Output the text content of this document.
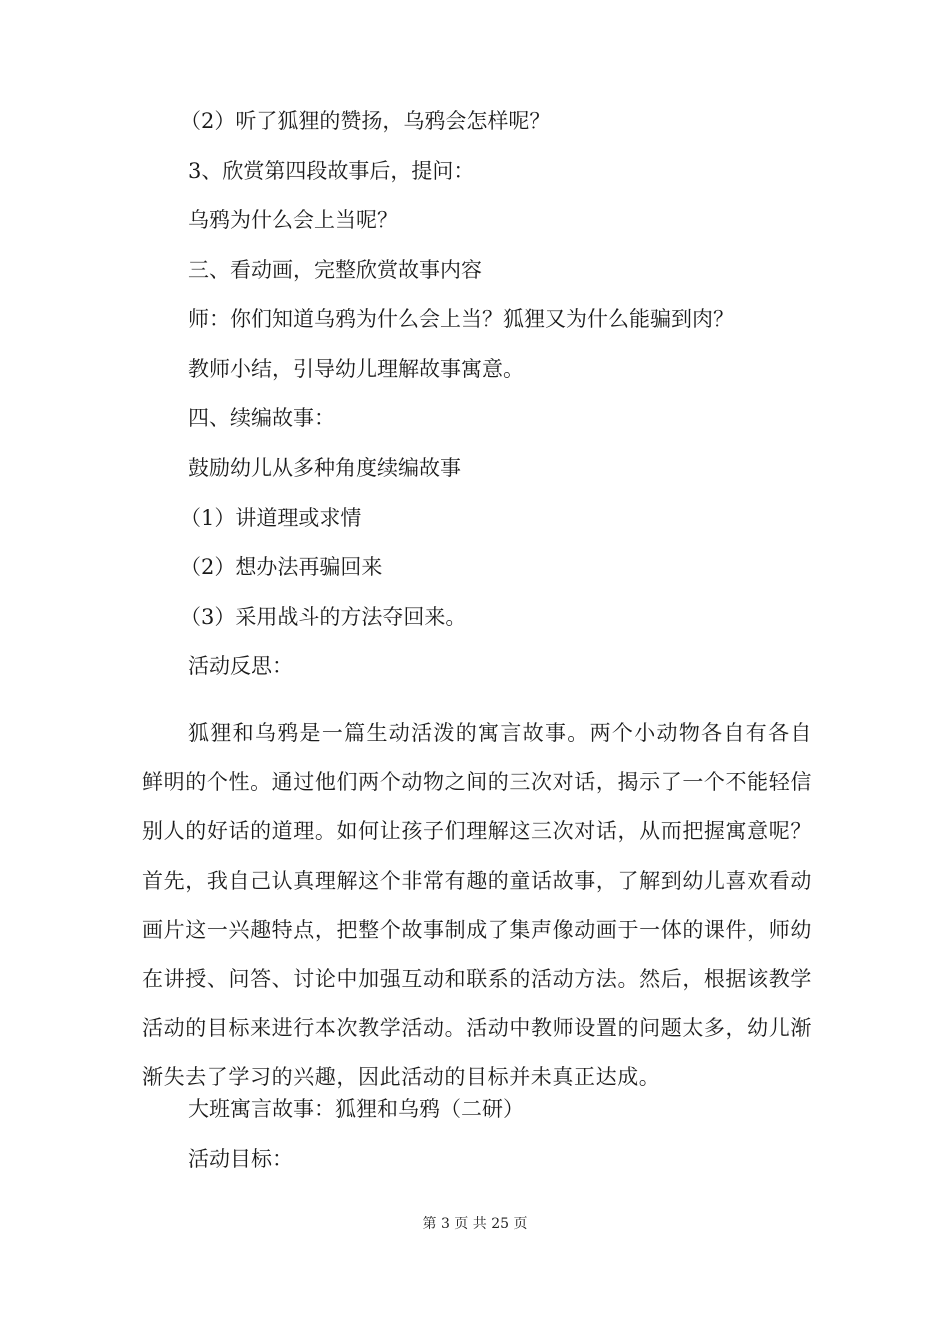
（2）听了狐狸的赞扬，乌鸦会怎样呢？
3、欣赏第四段故事后，提问：
乌鸦为什么会上当呢？
三、看动画，完整欣赏故事内容
师：你们知道乌鸦为什么会上当？狐狸又为什么能骗到肉？
教师小结，引导幼儿理解故事寓意。
四、续编故事：
鼓励幼儿从多种角度续编故事
（1）讲道理或求情
（2）想办法再骗回来
（3）采用战斗的方法夺回来。
活动反思：

狐狸和乌鸦是一篇生动活泼的寓言故事。两个小动物各自有各自鲜明的个性。通过他们两个动物之间的三次对话，揭示了一个不能轻信别人的好话的道理。如何让孩子们理解这三次对话，从而把握寓意呢？首先，我自己认真理解这个非常有趣的童话故事，了解到幼儿喜欢看动画片这一兴趣特点，把整个故事制成了集声像动画于一体的课件，师幼在讲授、问答、讨论中加强互动和联系的活动方法。然后，根据该教学活动的目标来进行本次教学活动。活动中教师设置的问题太多，幼儿渐渐失去了学习的兴趣，因此活动的目标并未真正达成。

大班寓言故事：狐狸和乌鸦（二研）
活动目标：
第 3 页 共 25 页
